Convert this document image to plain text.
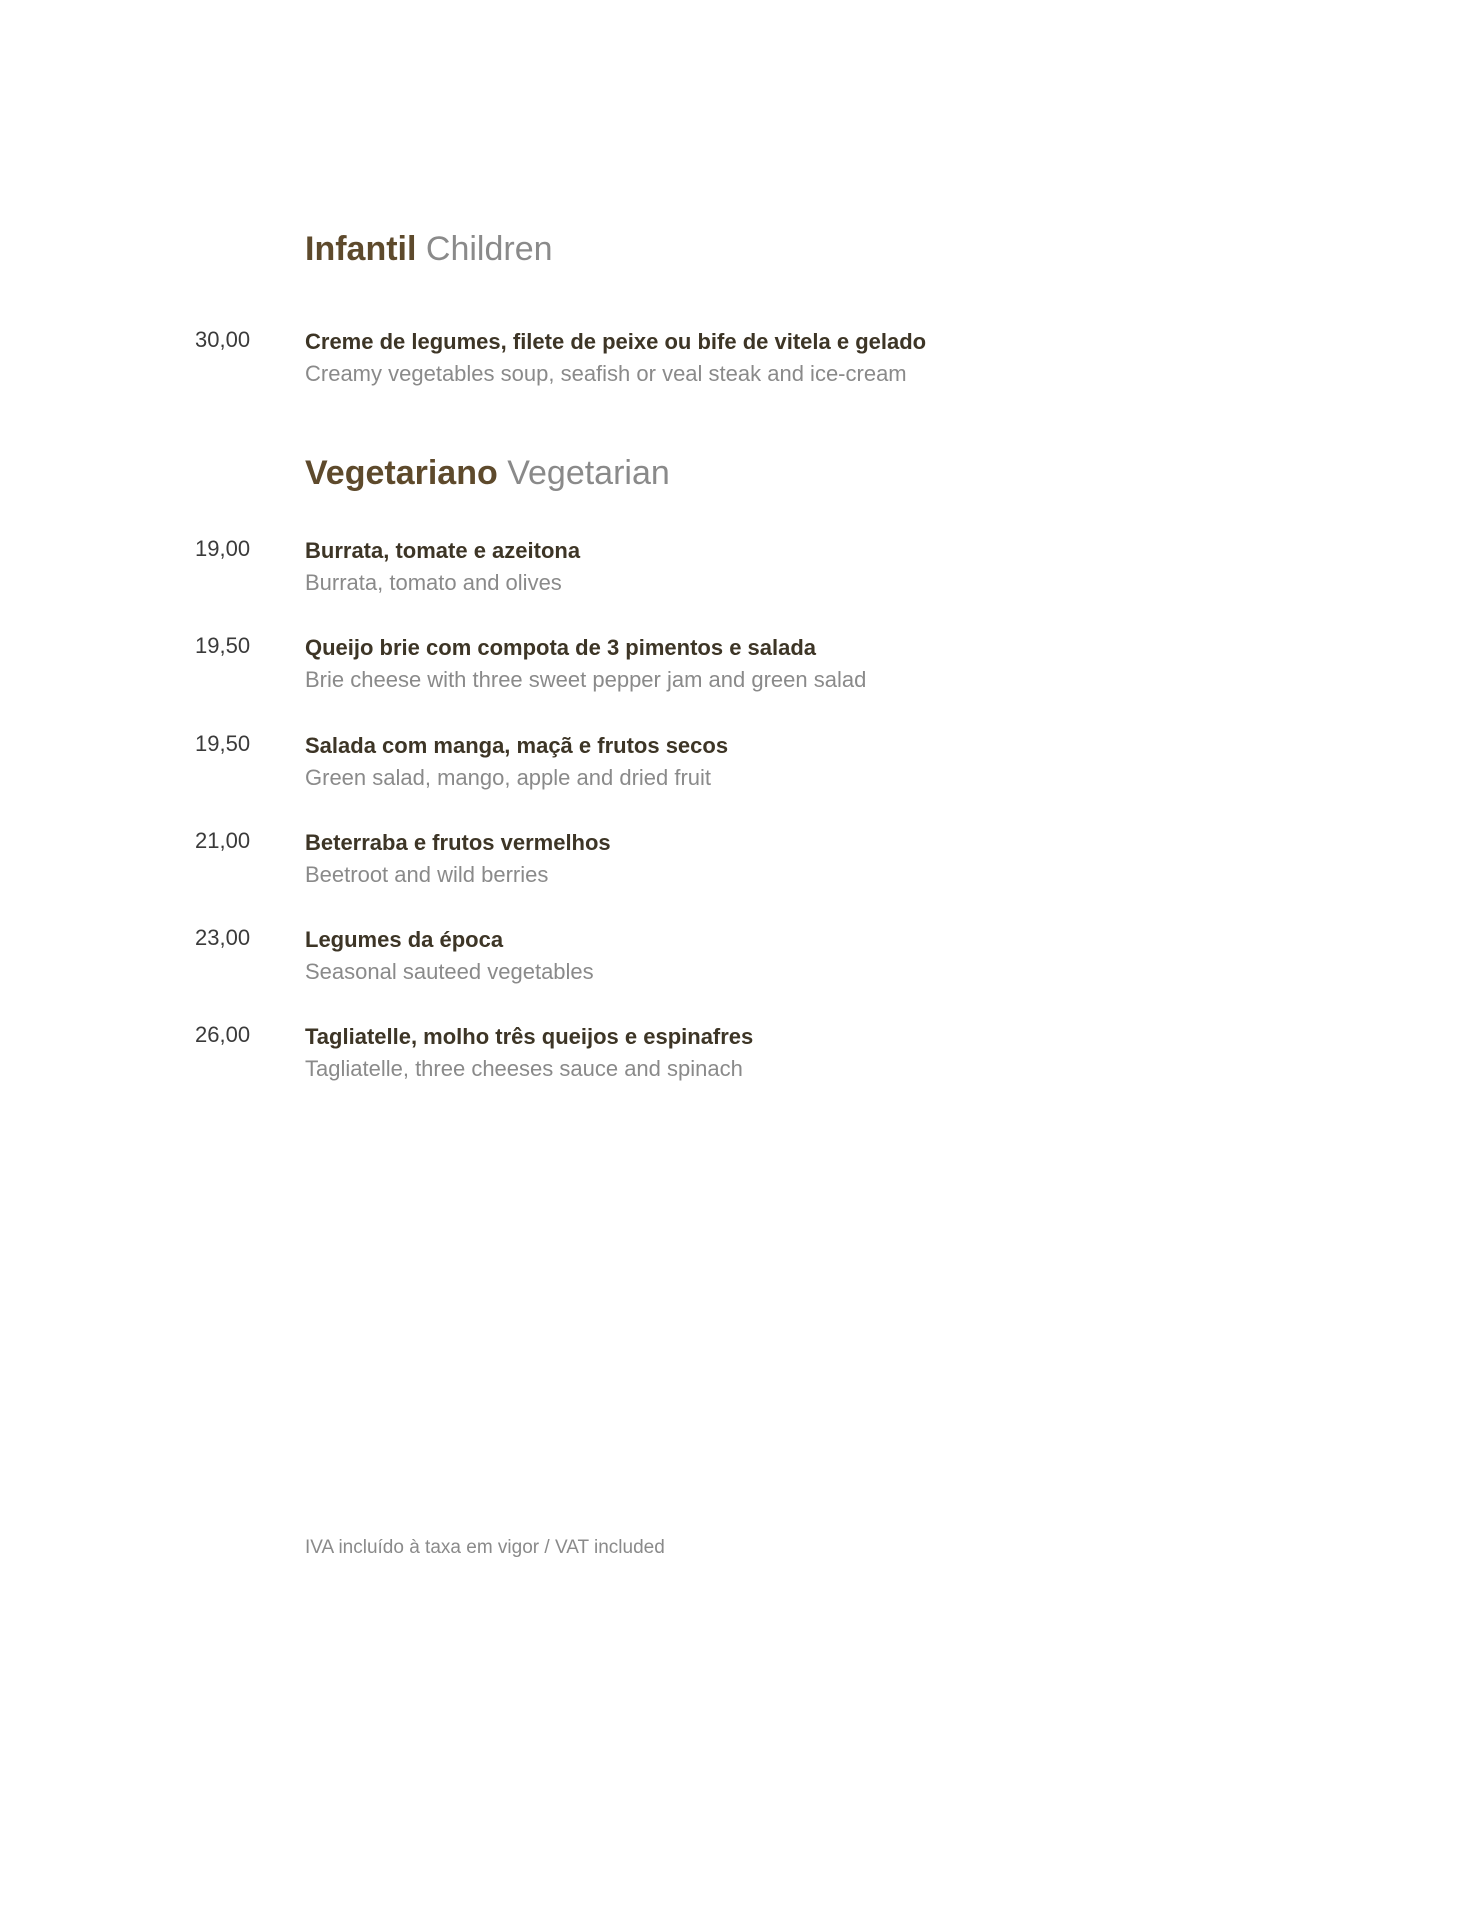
Infantil Children
30,00 Creme de legumes, filete de peixe ou bife de vitela e gelado
Creamy vegetables soup, seafish or veal steak and ice-cream
Vegetariano Vegetarian
19,00 Burrata, tomate e azeitona
Burrata, tomato and olives
19,50 Queijo brie com compota de 3 pimentos e salada
Brie cheese with three sweet pepper jam and green salad
19,50 Salada com manga, maçã e frutos secos
Green salad, mango, apple and dried fruit
21,00 Beterraba e frutos vermelhos
Beetroot and wild berries
23,00 Legumes da época
Seasonal sauteed vegetables
26,00 Tagliatelle, molho três queijos e espinafres
Tagliatelle, three cheeses sauce and spinach
IVA incluído à taxa em vigor / VAT included
